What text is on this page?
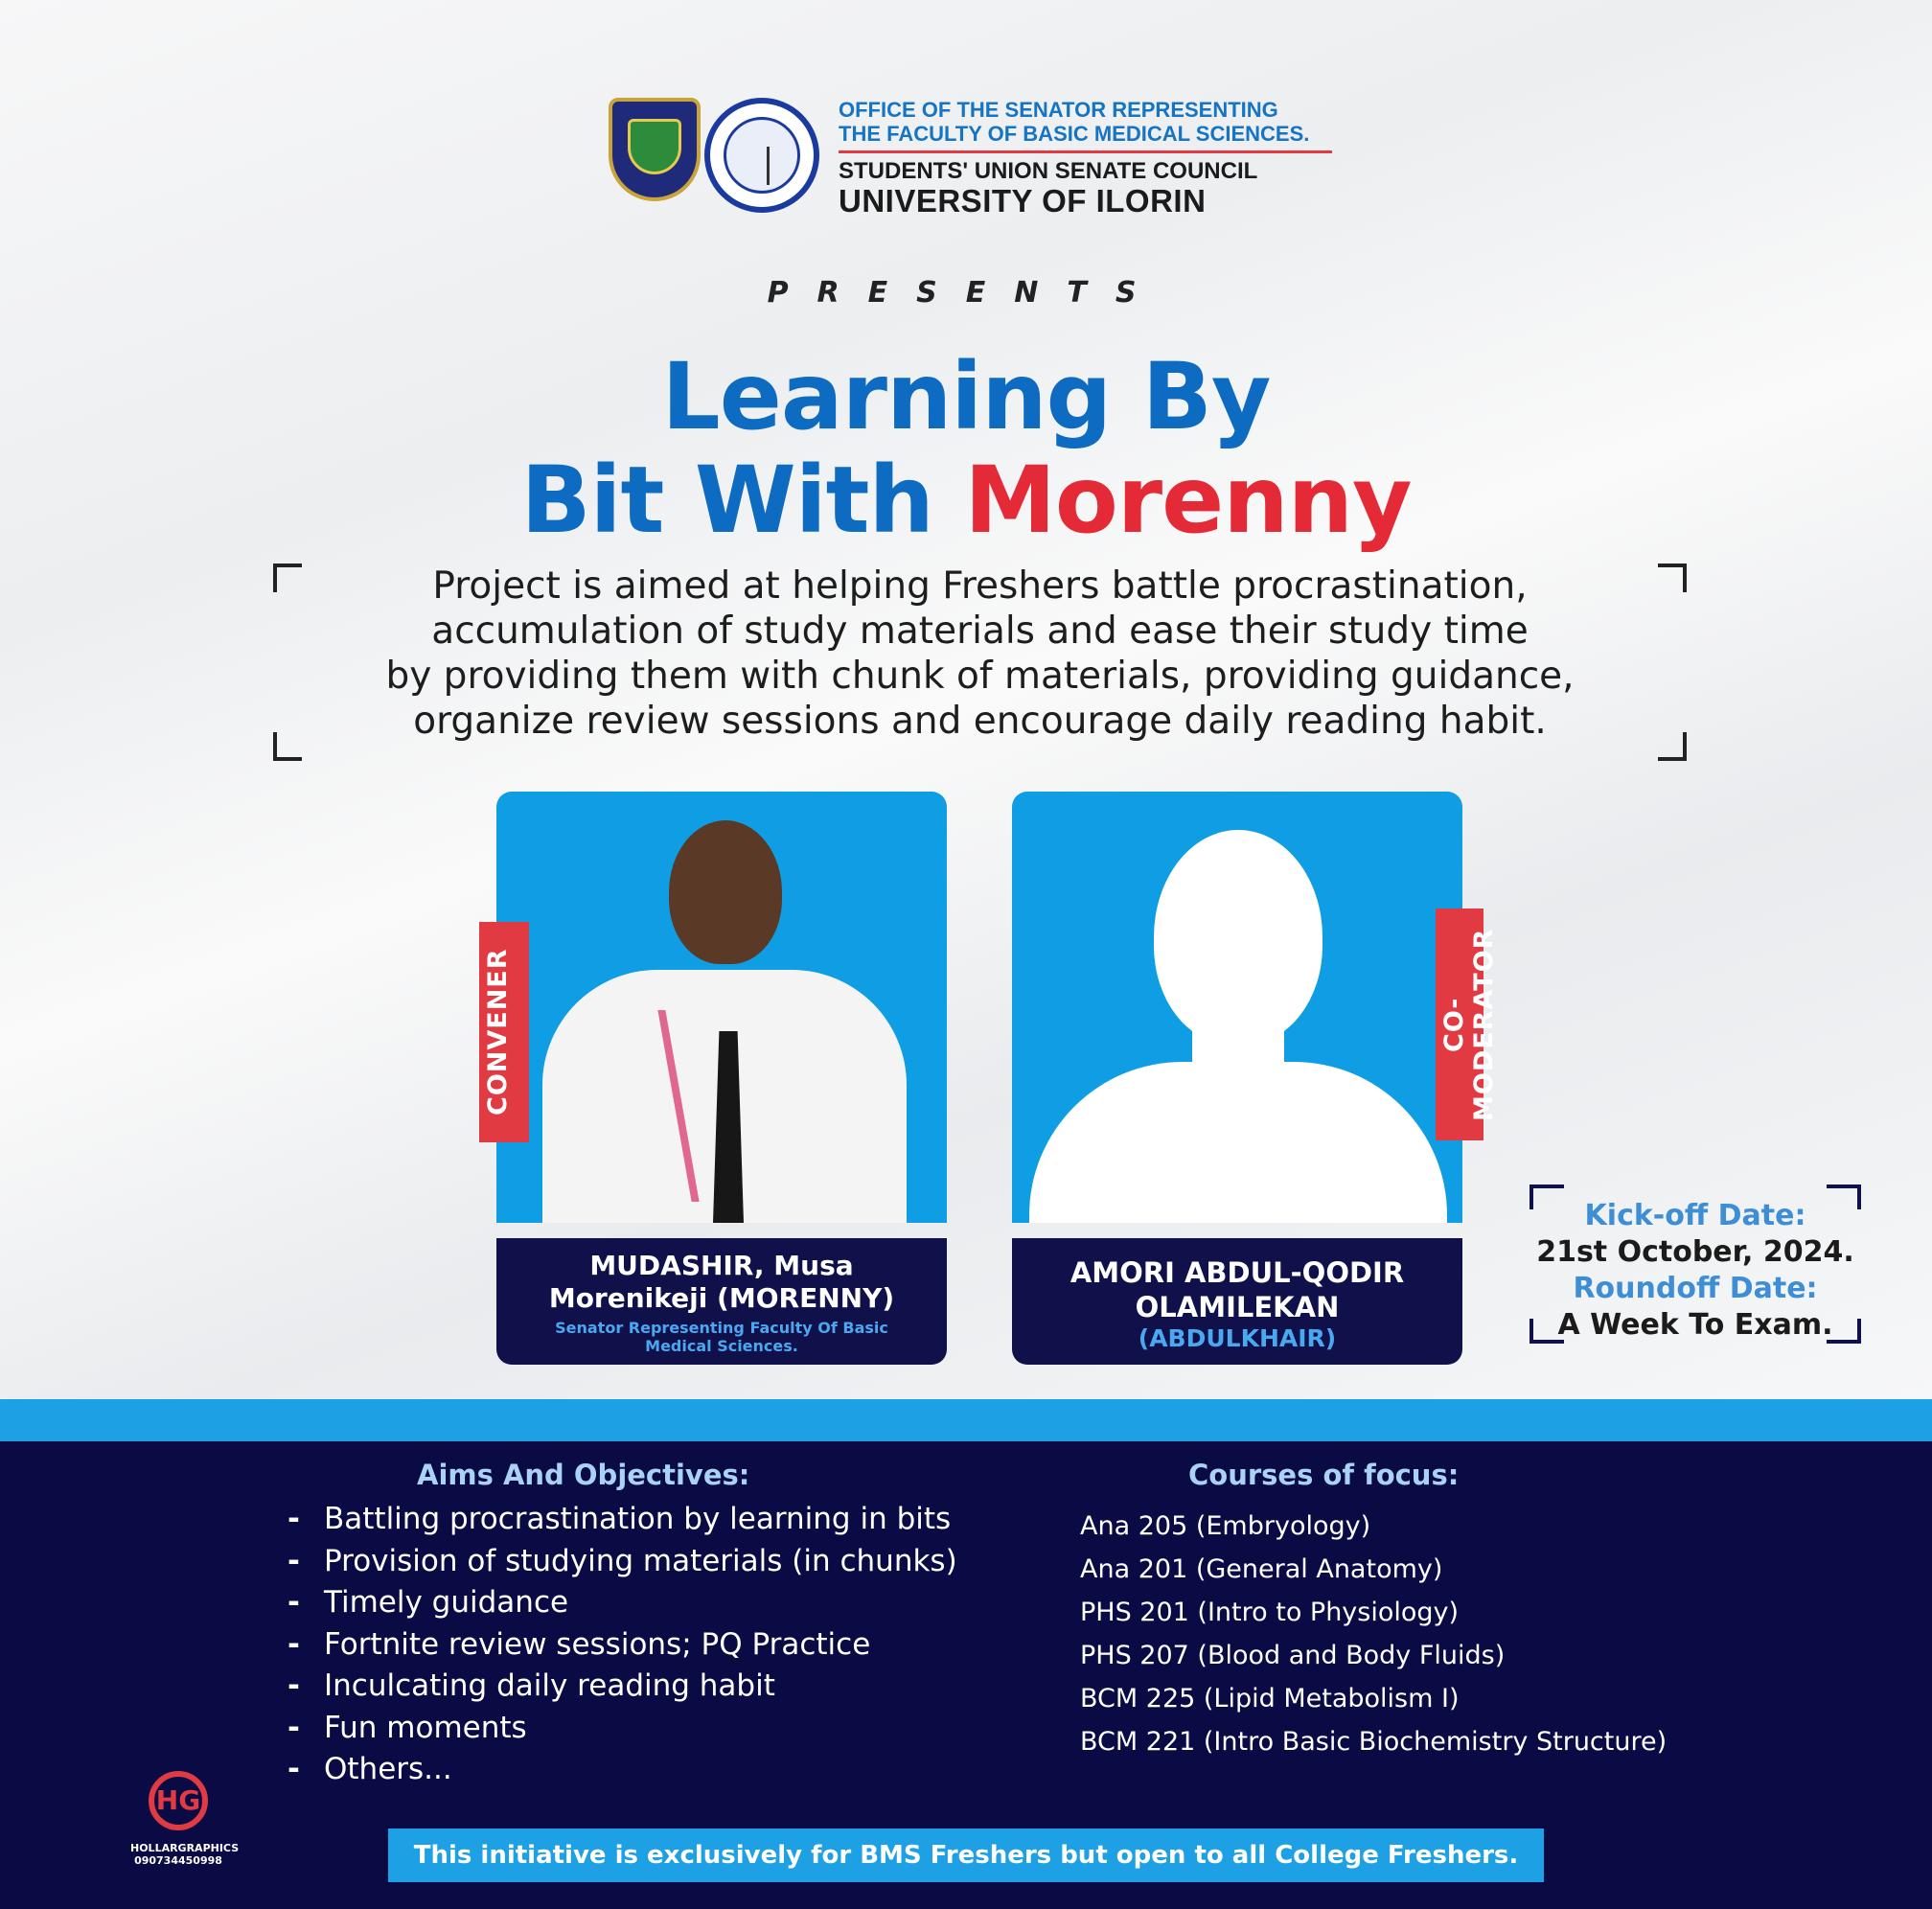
OFFICE OF THE SENATOR REPRESENTING
THE FACULTY OF BASIC MEDICAL SCIENCES.
STUDENTS' UNION SENATE COUNCIL
UNIVERSITY OF ILORIN
PRESENTS
Learning By
Bit With Morenny
Project is aimed at helping Freshers battle procrastination,
accumulation of study materials and ease their study time
by providing them with chunk of materials, providing guidance,
organize review sessions and encourage daily reading habit.
MUDASHIR, Musa
Morenikeji (MORENNY)
Senator Representing Faculty Of Basic Medical Sciences.
CONVENER
AMORI ABDUL-QODIR
OLAMILEKAN
(ABDULKHAIR)
CO-MODERATOR
Kick-off Date:
21st October, 2024.
Roundoff Date:
A Week To Exam.
Aims And Objectives:
- Battling procrastination by learning in bits
- Provision of studying materials (in chunks)
- Timely guidance
- Fortnite review sessions; PQ Practice
- Inculcating daily reading habit
- Fun moments
- Others...
Courses of focus:
Ana 205 (Embryology)
Ana 201 (General Anatomy)
PHS 201 (Intro to Physiology)
PHS 207 (Blood and Body Fluids)
BCM 225 (Lipid Metabolism I)
BCM 221 (Intro Basic Biochemistry Structure)
HG
HOLLARGRAPHICS
090734450998	This initiative is exclusively for BMS Freshers but open to all College Freshers.
